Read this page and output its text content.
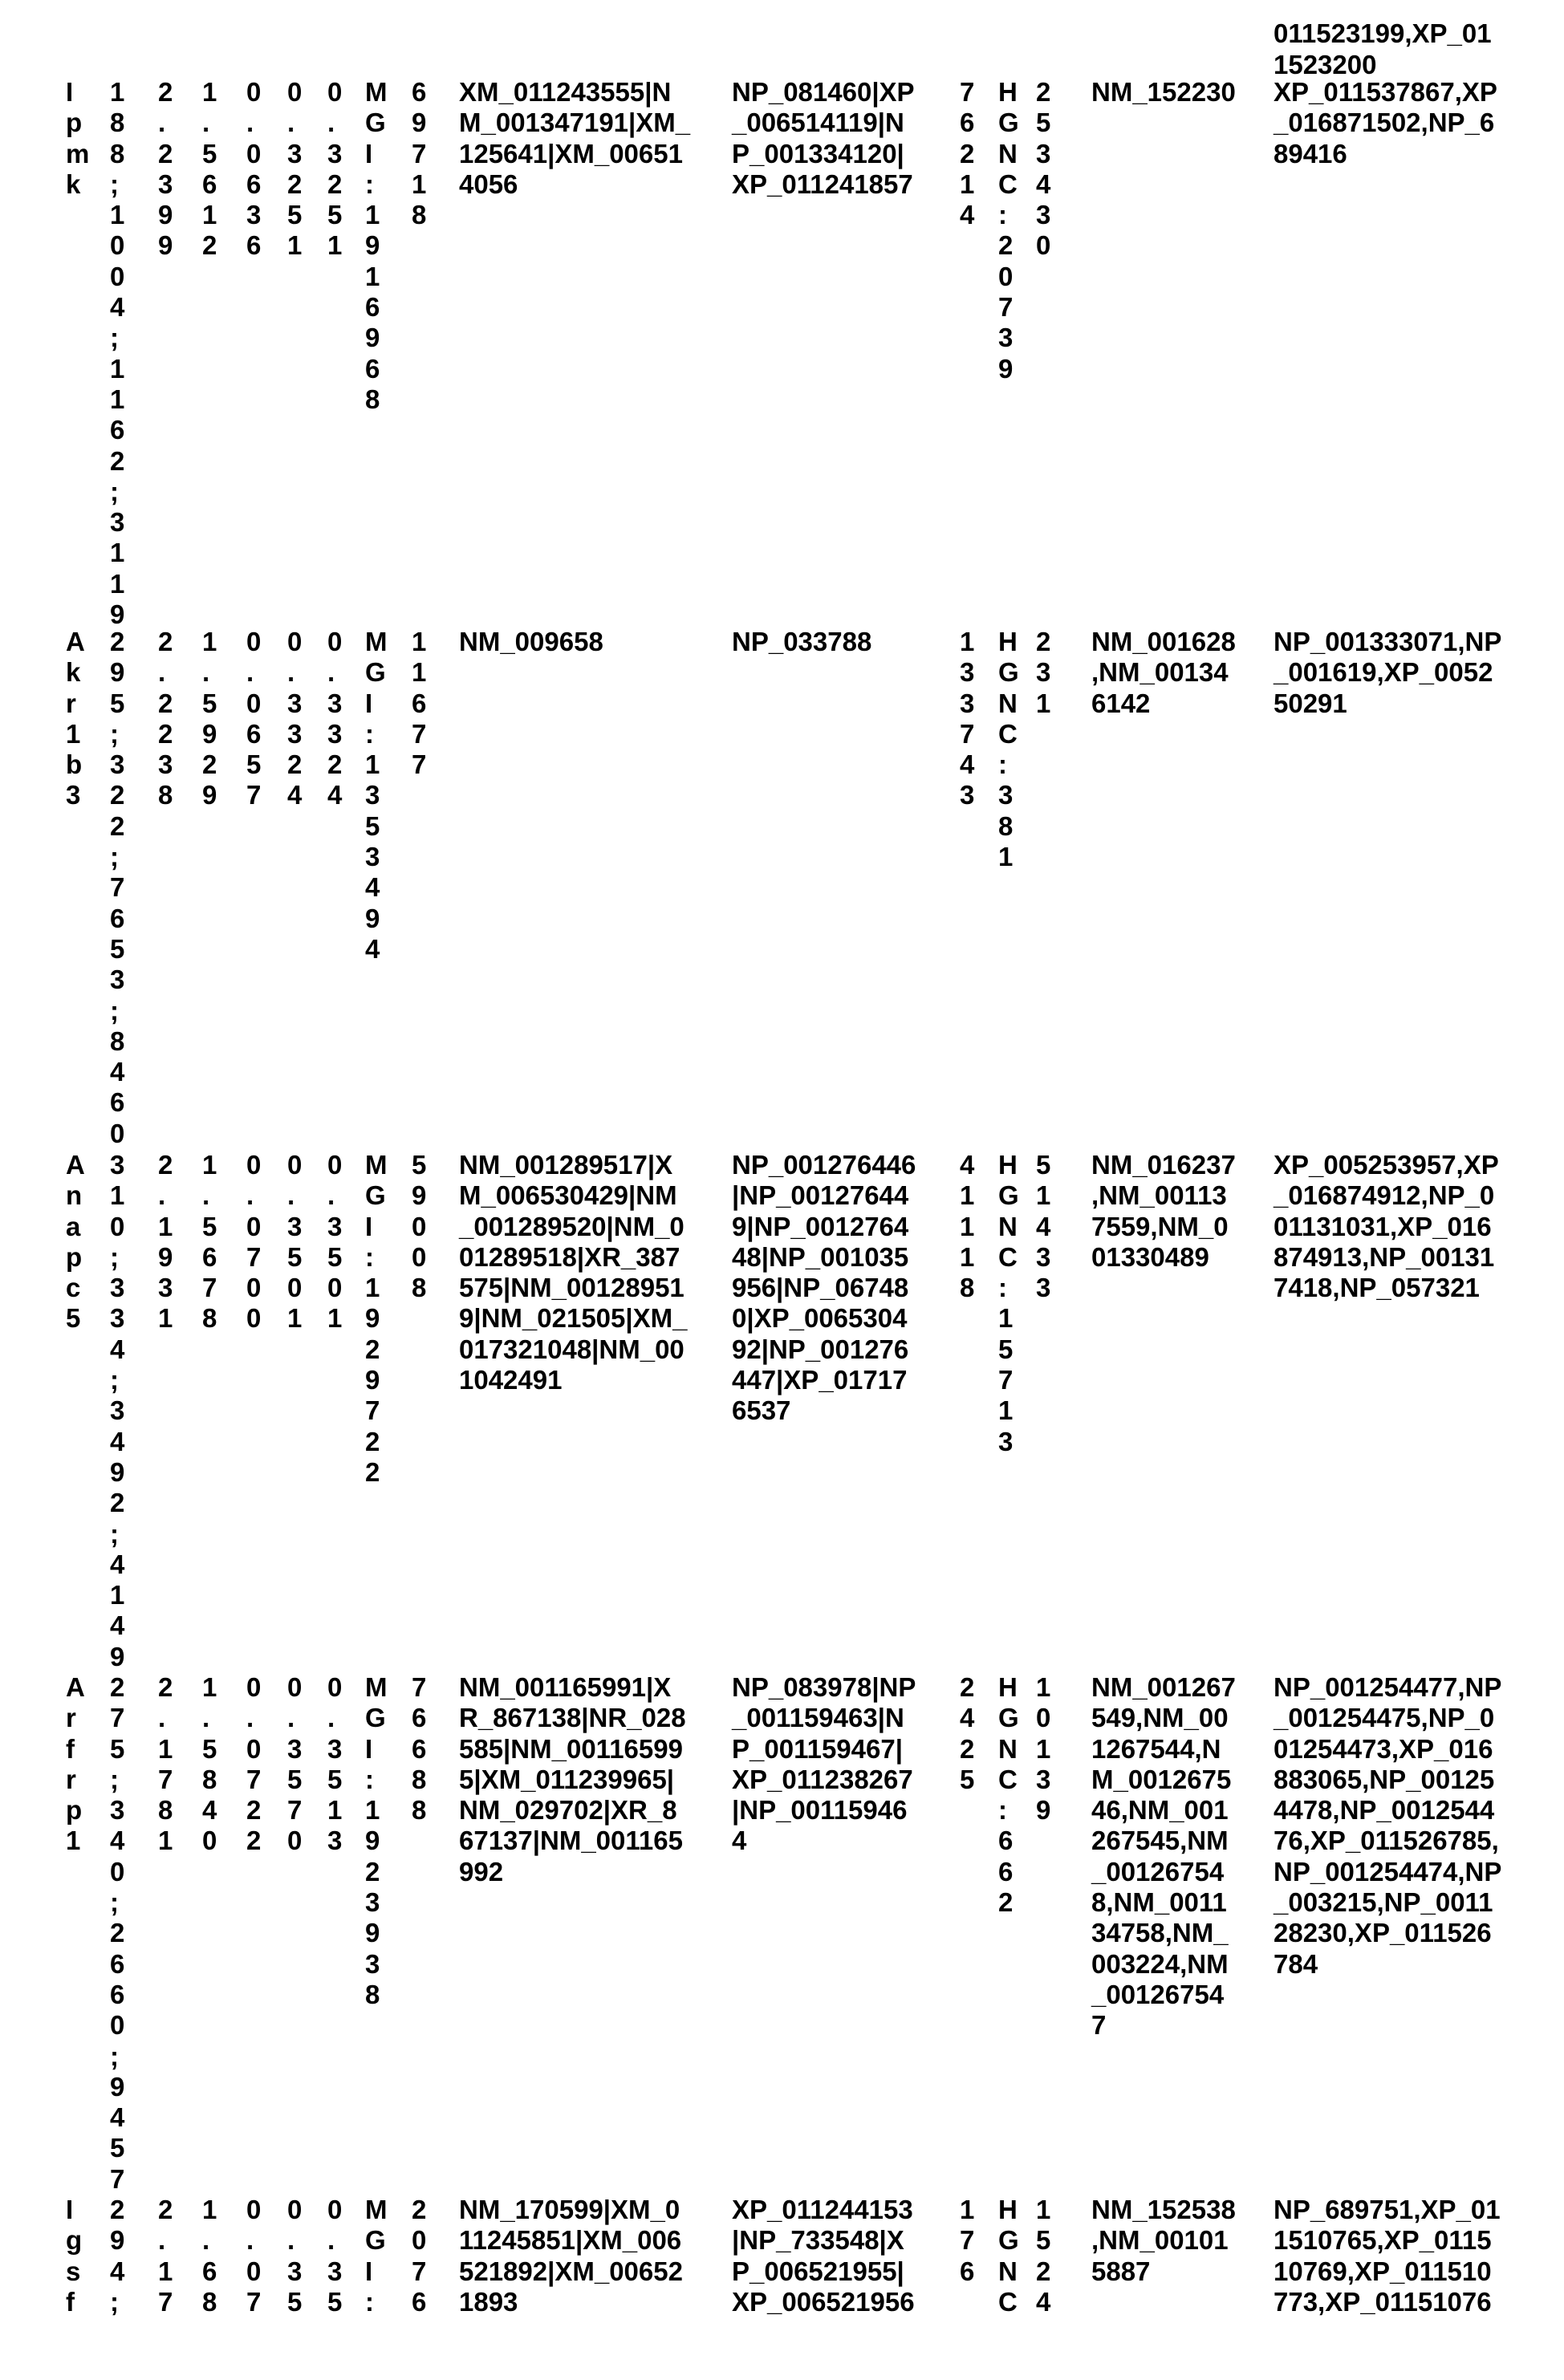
011523199,XP_01
1523200
I
p
m
k
1
8
8
;
1
0
0
4
;
1
1
6
2
;
3
1
1
9
2
.
2
3
9
9
1
.
5
6
1
2
0
.
0
6
3
6
0
.
3
2
5
1
0
.
3
2
5
1
M
G
I
:
1
9
1
6
9
6
8
6
9
7
1
8
XM_011243555|N
M_001347191|XM_
125641|XM_00651
4056
NP_081460|XP
_006514119|N
P_001334120|
XP_011241857
7
6
2
1
4
H
G
N
C
:
2
0
7
3
9
2
5
3
4
3
0
NM_152230 XP_011537867,XP
_016871502,NP_6
89416
A
k
r
1
b
3
2
9
5
;
3
2
2
;
7
6
5
3
;
8
4
6
0
2
.
2
2
3
8
1
.
5
9
2
9
0
.
0
6
5
7
0
.
3
3
2
4
0
.
3
3
2
4
M
G
I
:
1
3
5
3
4
9
4
1
1
6
7
7
NM_009658	NP_033788	1
3
3
7
4
3
H
G
N
C
:
3
8
1
2
3
1
NM_001628
,NM_00134
6142
NP_001333071,NP
_001619,XP_0052
50291
A
n
a
p
c
5
3
1
0
;
3
3
4
;
3
4
9
2
;
4
1
4
9
2
.
1
9
3
1
1
.
5
6
7
8
0
.
0
7
0
0
0
.
3
5
0
1
0
.
3
5
0
1
M
G
I
:
1
9
2
9
7
2
2
5
9
0
0
8
NM_001289517|X
M_006530429|NM
_001289520|NM_0
01289518|XR_387
575|NM_00128951
9|NM_021505|XM_
017321048|NM_00
1042491
NP_001276446
|NP_00127644
9|NP_0012764
48|NP_001035
956|NP_06748
0|XP_0065304
92|NP_001276
447|XP_01717
6537
4
1
1
1
8
H
G
N
C
:
1
5
7
1
3
5
1
4
3
3
NM_016237
,NM_00113
7559,NM_0
01330489
XP_005253957,XP
_016874912,NP_0
01131031,XP_016
874913,NP_00131
7418,NP_057321
A
r
f
r
p
1
2
7
5
;
3
4
0
;
2
6
6
0
;
9
4
5
7
2
.
1
7
8
1
1
.
5
8
4
0
0
.
0
7
2
2
0
.
3
5
7
0
0
.
3
5
1
3
M
G
I
:
1
9
2
3
9
3
8
7
6
6
8
8
NM_001165991|X
R_867138|NR_028
585|NM_00116599
5|XM_011239965|
NM_029702|XR_8
67137|NM_001165
992
NP_083978|NP
_001159463|N
P_001159467|
XP_011238267
|NP_00115946
4
2
4
2
5
H
G
N
C
:
6
6
2
1
0
1
3
9
NM_001267
549,NM_00
1267544,N
M_0012675
46,NM_001
267545,NM
_00126754
8,NM_0011
34758,NM_
003224,NM
_00126754
7
NP_001254477,NP
_001254475,NP_0
01254473,XP_016
883065,NP_00125
4478,NP_0012544
76,XP_011526785,
NP_001254474,NP
_003215,NP_0011
28230,XP_011526
784
I
g
s
f
2
9
4
;
2
.
1
7
1
.
6
8
0
.
0
7
0
.
3
5
0
.
3
5
M
G
I
:
2
0
7
6
NM_170599|XM_0
11245851|XM_006
521892|XM_00652
1893
XP_011244153
|NP_733548|X
P_006521955|
XP_006521956
1
7
6
H
G
N
C
1
5
2
4
NM_152538
,NM_00101
5887
NP_689751,XP_01
1510765,XP_0115
10769,XP_011510
773,XP_01151076
